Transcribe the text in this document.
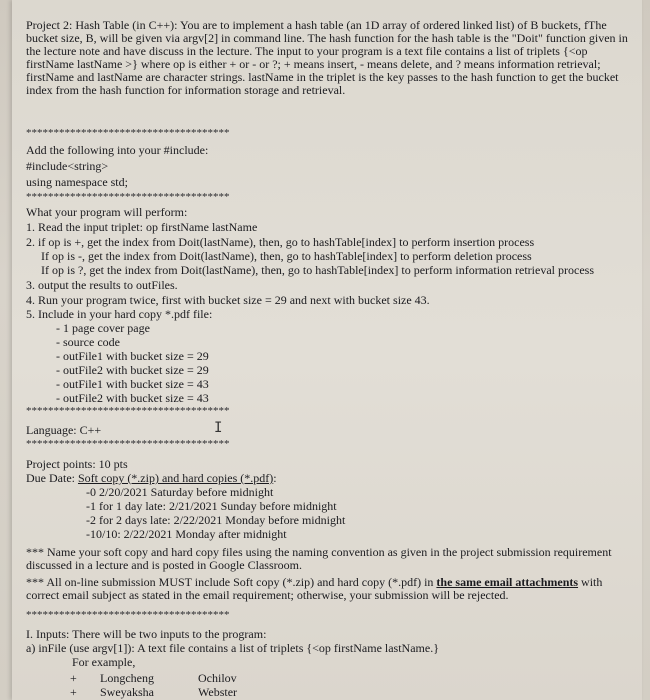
Project 2: Hash Table (in C++): You are to implement a hash table (an 1D array of ordered linked list) of B buckets, fThe bucket size, B, will be given via argv[2] in command line. The hash function for the hash table is the "Doit" function given in the lecture note and have discuss in the lecture. The input to your program is a text file contains a list of triplets {<op firstName lastName >} where op is either + or - or ?; + means insert, - means delete, and ? means information retrieval; firstName and lastName are character strings. lastName in the triplet is the key passes to the hash function to get the bucket index from the hash function for information storage and retrieval.
*************************************
Add the following into your #include:
#include<string>
using namespace std;
*************************************
What your program will perform:
1. Read the input triplet: op firstName lastName
2. if op is +, get the index from Doit(lastName), then, go to hashTable[index] to perform insertion process
If op is -, get the index from Doit(lastName), then, go to hashTable[index] to perform deletion process
If op is ?, get the index from Doit(lastName), then, go to hashTable[index] to perform information retrieval process
3. output the results to outFiles.
4. Run your program twice, first with bucket size = 29 and next with bucket size 43.
5. Include in your hard copy *.pdf file:
- 1 page cover page
- source code
- outFile1 with bucket size = 29
- outFile2 with bucket size = 29
- outFile1 with bucket size = 43
- outFile2 with bucket size = 43
*************************************
Language: C++	I
*************************************
Project points: 10 pts
Due Date: Soft copy (*.zip) and hard copies (*.pdf):
-0 2/20/2021 Saturday before midnight
-1 for 1 day late: 2/21/2021 Sunday before midnight
-2 for 2 days late: 2/22/2021 Monday before midnight
-10/10: 2/22/2021 Monday after midnight
*** Name your soft copy and hard copy files using the naming convention as given in the project submission requirement discussed in a lecture and is posted in Google Classroom.
*** All on-line submission MUST include Soft copy (*.zip) and hard copy (*.pdf) in the same email attachments with correct email subject as stated in the email requirement; otherwise, your submission will be rejected.
*************************************
I. Inputs: There will be two inputs to the program:
a) inFile (use argv[1]): A text file contains a list of triplets {<op firstName lastName.}
For example,
+ Longcheng	Ochilov
+ Sweyaksha	Webster
